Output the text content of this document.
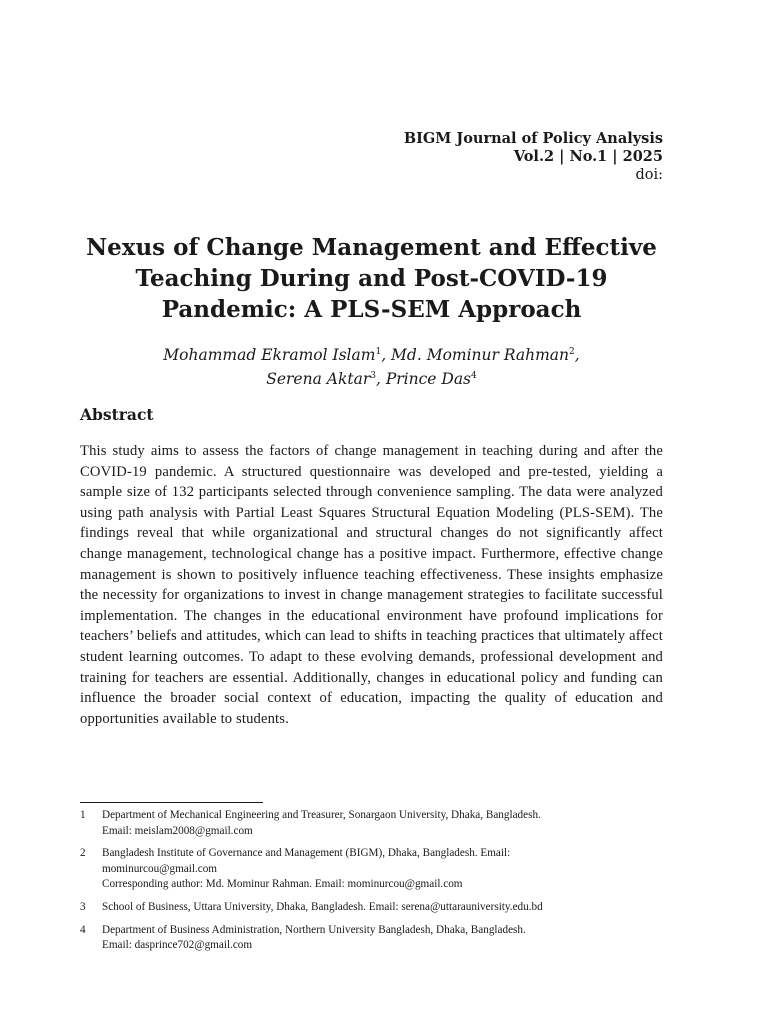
BIGM Journal of Policy Analysis
Vol.2 | No.1 | 2025
doi:
Nexus of Change Management and Effective
Teaching During and Post-COVID-19
Pandemic: A PLS-SEM Approach
Mohammad Ekramol Islam$^1$, Md. Mominur Rahman$^2$,
Serena Aktar$^3$, Prince Das$^4$
Abstract
This study aims to assess the factors of change management in teaching during and after the COVID-19 pandemic. A structured questionnaire was developed and pre-tested, yielding a sample size of 132 participants selected through convenience sampling. The data were analyzed using path analysis with Partial Least Squares Structural Equation Modeling (PLS-SEM). The findings reveal that while organizational and structural changes do not significantly affect change management, technological change has a positive impact. Furthermore, effective change management is shown to positively influence teaching effectiveness. These insights emphasize the necessity for organizations to invest in change management strategies to facilitate successful implementation. The changes in the educational environment have profound implications for teachers’ beliefs and attitudes, which can lead to shifts in teaching practices that ultimately affect student learning outcomes. To adapt to these evolving demands, professional development and training for teachers are essential. Additionally, changes in educational policy and funding can influence the broader social context of education, impacting the quality of education and opportunities available to students.
1	Department of Mechanical Engineering and Treasurer, Sonargaon University, Dhaka, Bangladesh.
Email: meislam2008@gmail.com
2	Bangladesh Institute of Governance and Management (BIGM), Dhaka, Bangladesh. Email:
mominurcou@gmail.com
Corresponding author: Md. Mominur Rahman. Email: mominurcou@gmail.com
3	School of Business, Uttara University, Dhaka, Bangladesh. Email: serena@uttarauniversity.edu.bd
4	Department of Business Administration, Northern University Bangladesh, Dhaka, Bangladesh.
Email: dasprince702@gmail.com
